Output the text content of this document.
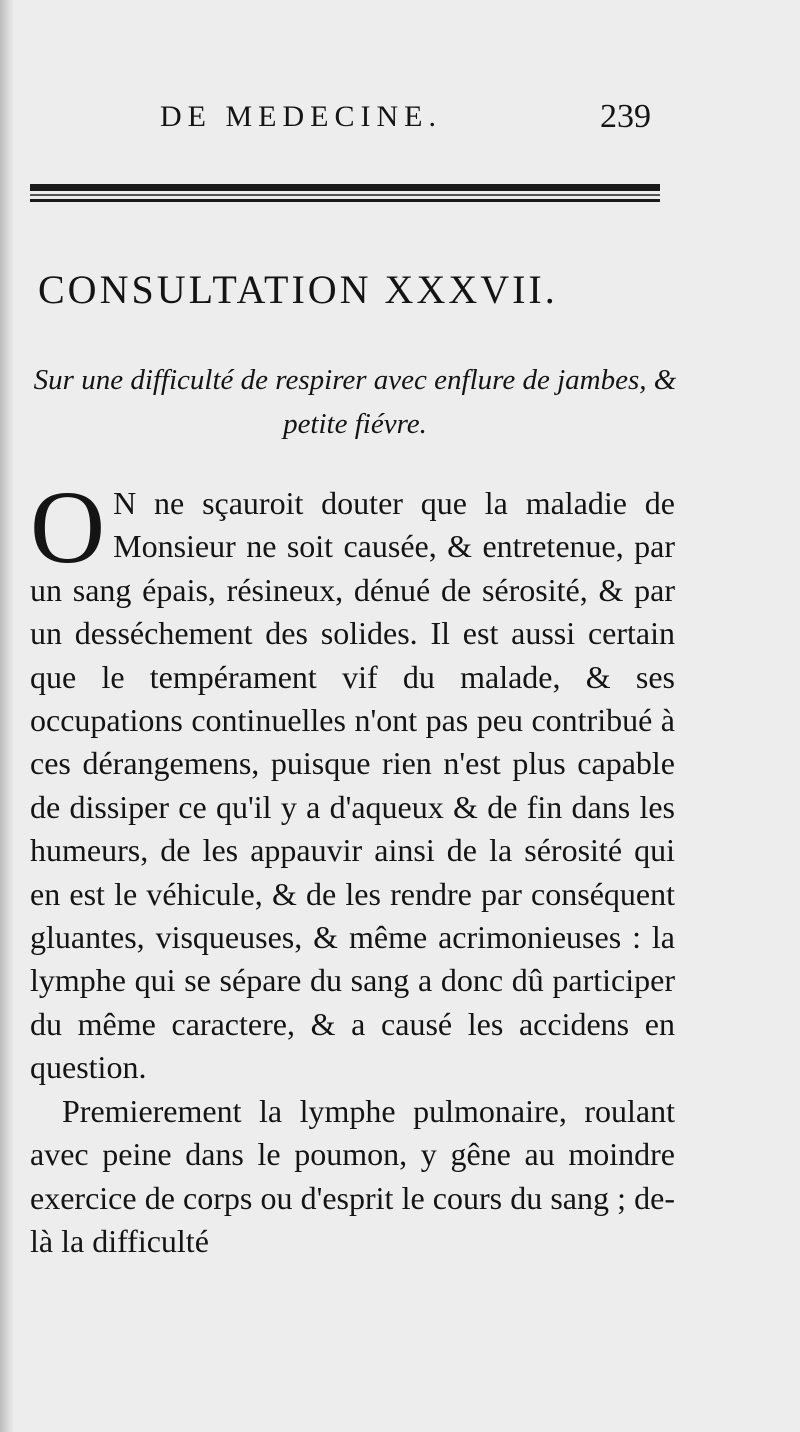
DE MEDECINE.	239
CONSULTATION XXXVII.
Sur une difficulté de respirer avec enflure de jambes, & petite fiévre.

O N ne sçauroit douter que la maladie de Monsieur ne soit causée, & entretenue, par un sang épais, résineux, dénué de sérosité, & par un desséchement des solides. Il est aussi certain que le tempérament vif du malade, & ses occupations continuelles n'ont pas peu contribué à ces dérangemens, puisque rien n'est plus capable de dissiper ce qu'il y a d'aqueux & de fin dans les humeurs, de les appauvir ainsi de la sérosité qui en est le véhicule, & de les rendre par conséquent gluantes, visqueuses, & même acrimonieuses : la lymphe qui se sépare du sang a donc dû participer du même caractere, & a causé les accidens en question.

Premierement la lymphe pulmonaire, roulant avec peine dans le poumon, y gêne au moindre exercice de corps ou d'esprit le cours du sang ; de-là la difficulté
